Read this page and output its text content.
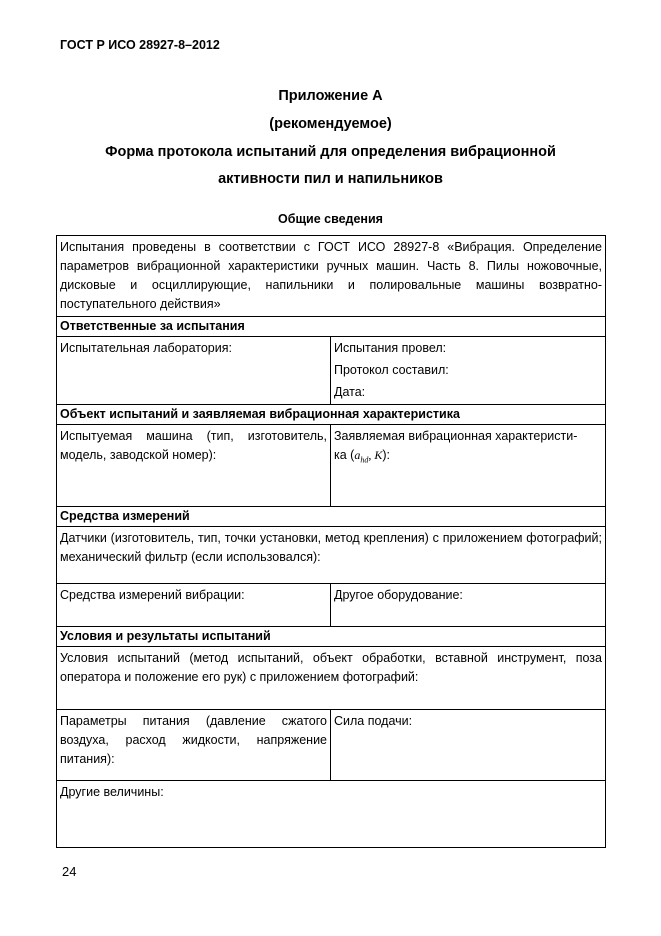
ГОСТ Р ИСО 28927-8–2012
Приложение А
(рекомендуемое)
Форма протокола испытаний для определения вибрационной
активности пил и напильников
Общие сведения
Испытания проведены в соответствии с ГОСТ ИСО 28927-8 «Вибрация. Определение параметров вибрационной характеристики ручных машин. Часть 8. Пилы ножовочные, дисковые и осциллирующие, напильники и полировальные машины возвратно-поступательного действия»	
Ответственные за испытания	
Испытательная лаборатория:	Испытания провел:
Протокол составил:
Дата:

Объект испытаний и заявляемая вибрационная характеристика	
Испытуемая машина (тип, изготовитель, модель, заводской номер):	Заявляемая вибрационная характеристи-
ка ($a_{hd}$, K):

Средства измерений	
Датчики (изготовитель, тип, точки установки, метод крепления) с приложением фотографий; механический фильтр (если использовался):	
Средства измерений вибрации:	Другое оборудование:
Условия и результаты испытаний	
Условия испытаний (метод испытаний, объект обработки, вставной инструмент, поза оператора и положение его рук) с приложением фотографий:	
Параметры питания (давление сжатого воздуха, расход жидкости, напряжение питания):	Сила подачи:
Другие величины:	
24
